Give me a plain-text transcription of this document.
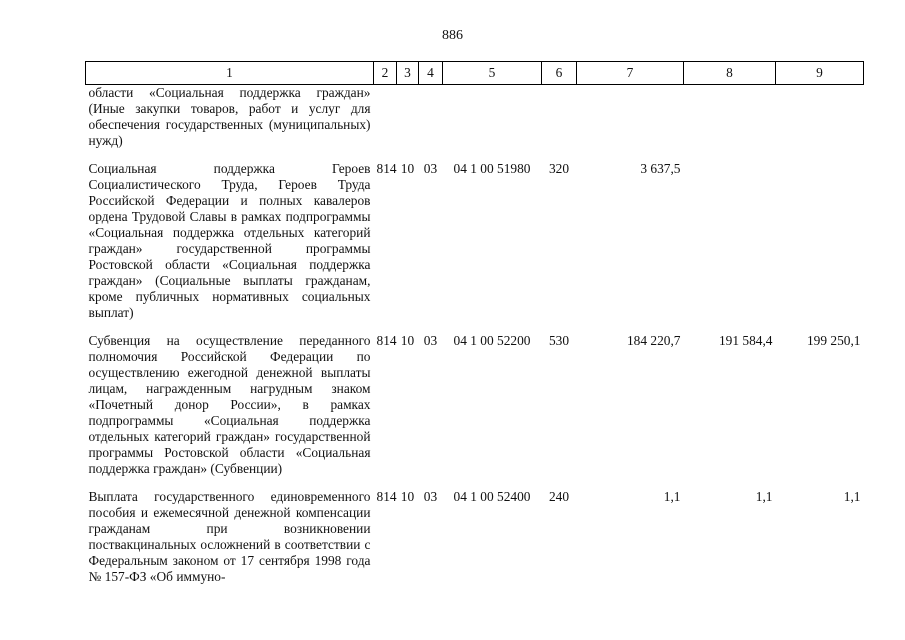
886
1	2	3	4	5	6	7	8	9
области «Социальная поддержка граждан» (Иные закупки товаров, работ и услуг для обеспечения государственных (муниципальных) нужд)								
Социальная поддержка Героев Социалистического Труда, Героев Труда Российской Федерации и полных кавалеров ордена Трудовой Славы в рамках подпрограммы «Социальная поддержка отдельных категорий граждан» государственной программы Ростовской области «Социальная поддержка граждан» (Социальные выплаты гражданам, кроме публичных нормативных социальных выплат)	814	10	03	04 1 00 51980	320	3 637,5		
Субвенция на осуществление переданного полномочия Российской Федерации по осуществлению ежегодной денежной выплаты лицам, награжденным нагрудным знаком «Почетный донор России», в рамках подпрограммы «Социальная поддержка отдельных категорий граждан» государственной программы Ростовской области «Социальная поддержка граждан» (Субвенции)	814	10	03	04 1 00 52200	530	184 220,7	191 584,4	199 250,1
Выплата государственного единовременного пособия и ежемесячной денежной компенсации гражданам при возникновении поствакцинальных осложнений в соответствии с Федеральным законом от 17 сентября 1998 года № 157-ФЗ «Об иммуно-	814	10	03	04 1 00 52400	240	1,1	1,1	1,1
